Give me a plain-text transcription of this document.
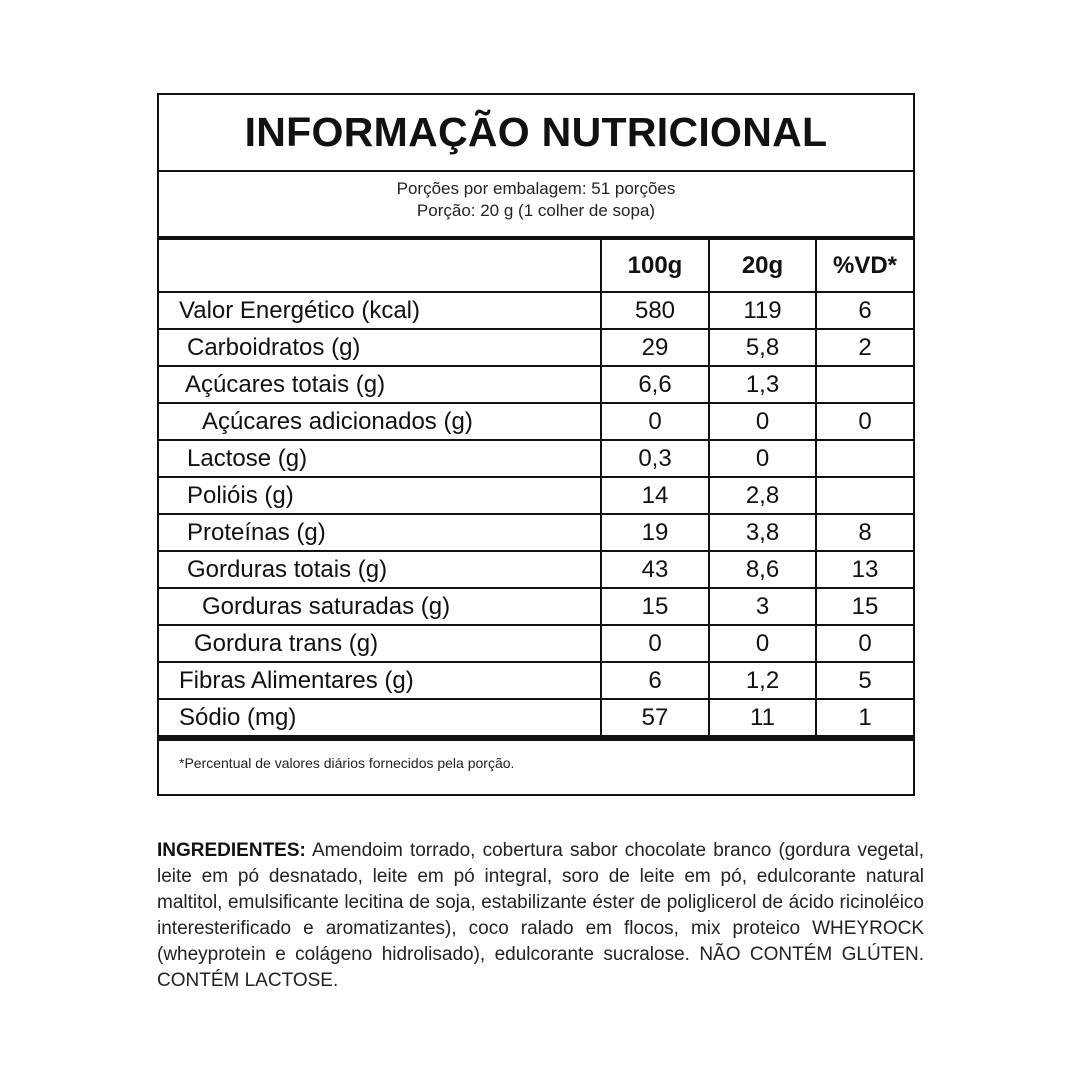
INFORMAÇÃO NUTRICIONAL
Porções por embalagem: 51 porções
Porção: 20 g (1 colher de sopa)
	100g	20g	%VD*
Valor Energético (kcal)	580	119	6
Carboidratos (g)	29	5,8	2
Açúcares totais (g)	6,6	1,3	
Açúcares adicionados (g)	0	0	0
Lactose (g)	0,3	0	
Polióis (g)	14	2,8	
Proteínas (g)	19	3,8	8
Gorduras totais (g)	43	8,6	13
Gorduras saturadas (g)	15	3	15
Gordura trans (g)	0	0	0
Fibras Alimentares (g)	6	1,2	5
Sódio (mg)	57	11	1
*Percentual de valores diários fornecidos pela porção.
INGREDIENTES: Amendoim torrado, cobertura sabor chocolate branco (gordura vegetal, leite em pó desnatado, leite em pó integral, soro de leite em pó, edulcorante natural maltitol, emulsificante lecitina de soja, estabilizante éster de poliglicerol de ácido ricinoléico interesterificado e aromatizantes), coco ralado em flocos, mix proteico WHEYROCK (wheyprotein e colágeno hidrolisado), edulcorante sucralose. NÃO CONTÉM GLÚTEN. CONTÉM LACTOSE.
